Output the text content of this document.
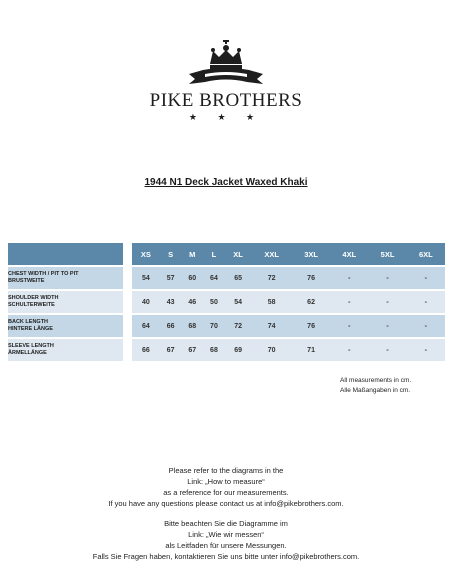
PIKE BROTHERS
★ ★ ★
1944 N1 Deck Jacket Waxed Khaki
		XS	S	M	L	XL	XXL	3XL	4XL	5XL	6XL
CHEST WIDTH / PIT TO PIT
BRUSTWEITE		54	57	60	64	65	72	76	-	-	-
SHOULDER WIDTH
SCHULTERWEITE		40	43	46	50	54	58	62	-	-	-
BACK LENGTH
HINTERE LÄNGE		64	66	68	70	72	74	76	-	-	-
SLEEVE LENGTH
ÄRMELLÄNGE		66	67	67	68	69	70	71	-	-	-
All measurements in cm.
Alle Maßangaben in cm.

Please refer to the diagrams in the

Link: „How to measure“

as a reference for our measurements.

If you have any questions please contact us at info@pikebrothers.com.

Bitte beachten Sie die Diagramme im

Link: „Wie wir messen“

als Leitfaden für unsere Messungen.

Falls Sie Fragen haben, kontaktieren Sie uns bitte unter info@pikebrothers.com.
